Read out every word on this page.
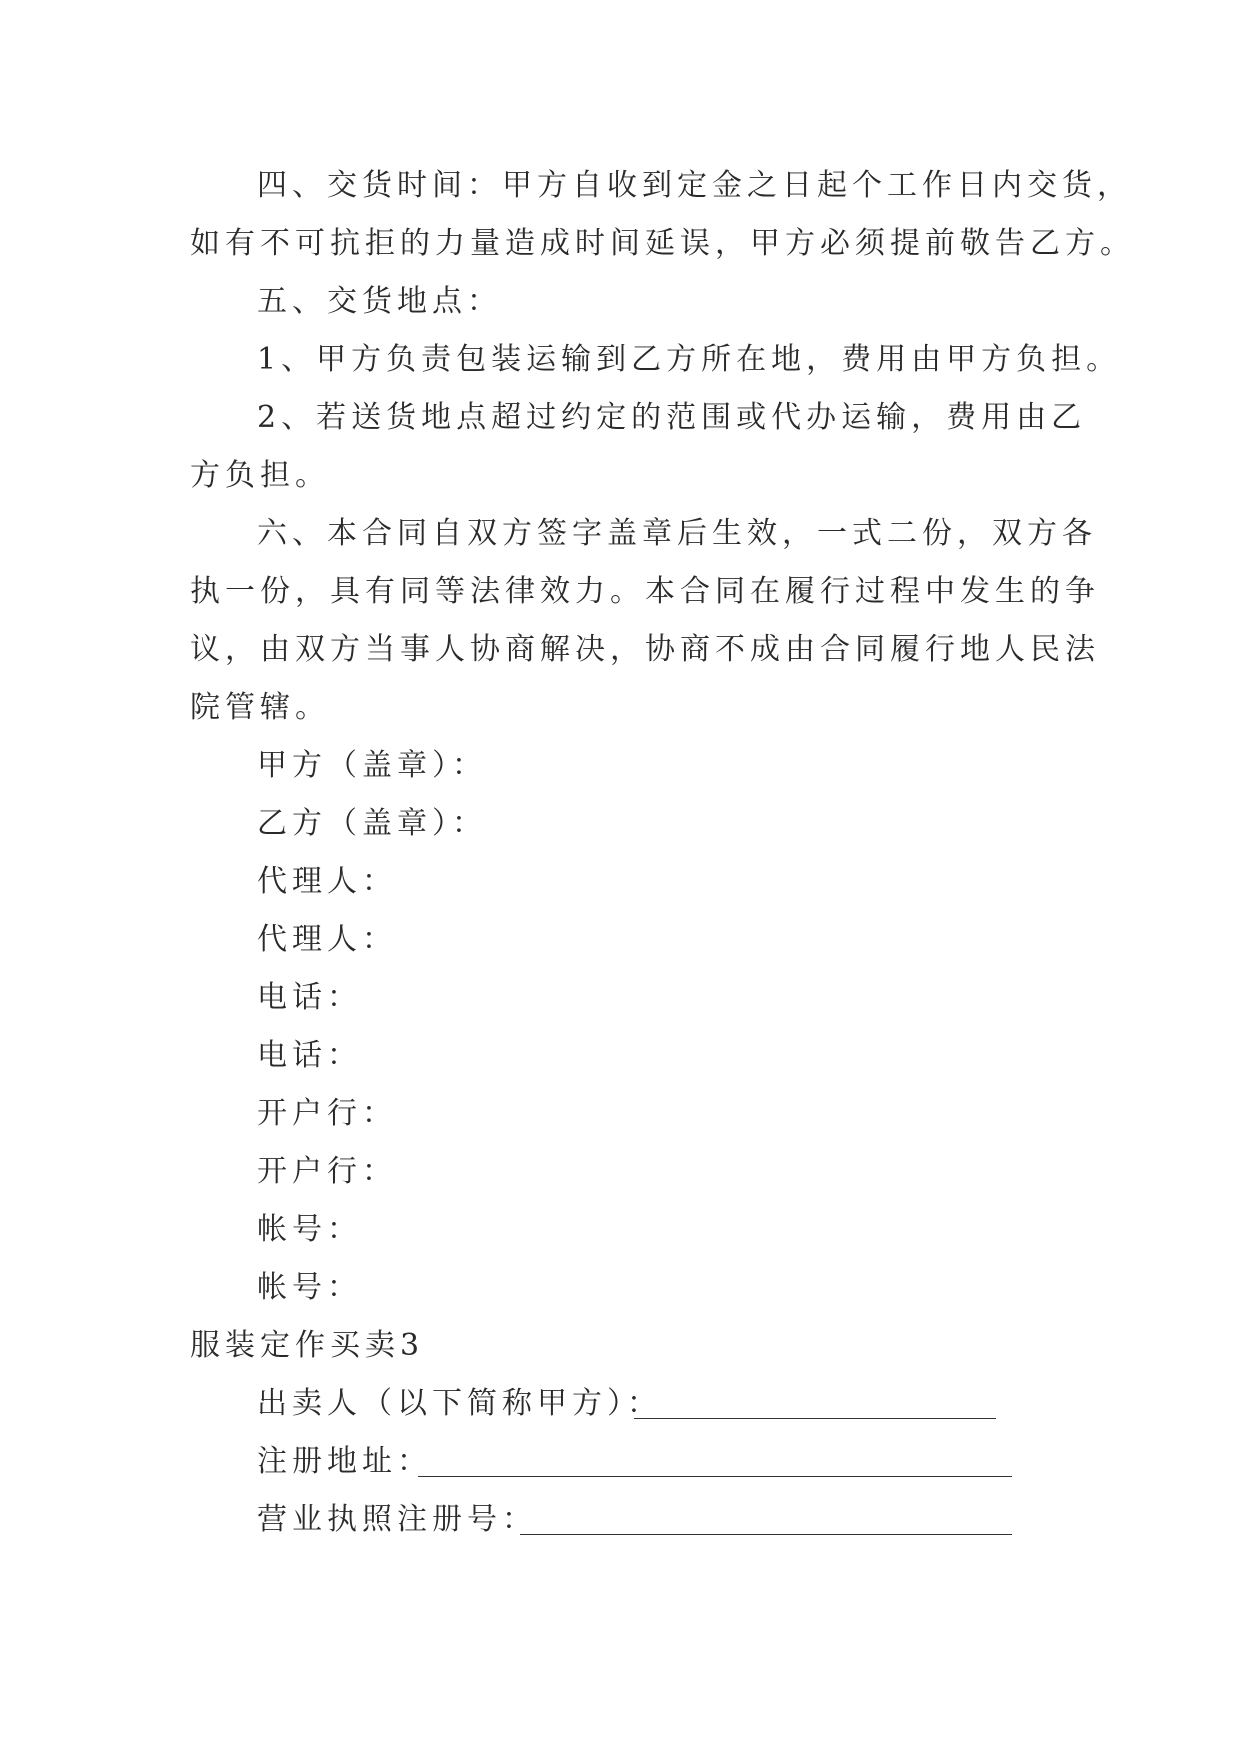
四、交货时间：甲方自收到定金之日起个工作日内交货，
如有不可抗拒的力量造成时间延误，甲方必须提前敬告乙方。
五、交货地点：
1、甲方负责包装运输到乙方所在地，费用由甲方负担。
2、若送货地点超过约定的范围或代办运输，费用由乙
方负担。
六、本合同自双方签字盖章后生效，一式二份，双方各
执一份，具有同等法律效力。本合同在履行过程中发生的争
议，由双方当事人协商解决，协商不成由合同履行地人民法
院管辖。
甲方（盖章）：
乙方（盖章）：
代理人：
代理人：
电话：
电话：
开户行：
开户行：
帐号：
帐号：
服装定作买卖3
出卖人（以下简称甲方）：
注册地址：
营业执照注册号：
